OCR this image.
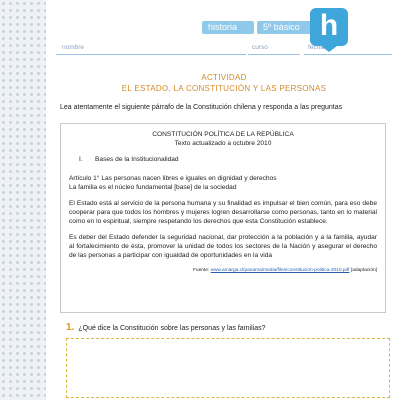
historia	5º básico h
nombre	curso	fecha
ACTIVIDAD
EL ESTADO, LA CONSTITUCIÓN Y LAS PERSONAS
Lea atentamente el siguiente párrafo de la Constitución chilena y responda a las preguntas
CONSTITUCIÓN POLÍTICA DE LA REPÚBLICA
Texto actualizado a octubre 2010
I. Bases de la Institucionalidad
Artículo 1° Las personas nacen libres e iguales en dignidad y derechos
La familia es el núcleo fundamental [base] de la sociedad
El Estado está al servicio de la persona humana y su finalidad es impulsar el bien común, para eso debe cooperar para que todos los hombres y mujeres logren desarrollarse como personas, tanto en lo material como en lo espiritual, siempre respetando los derechos que esta Constitución establece.
Es deber del Estado defender la seguridad nacional, dar protección a la población y a la familia, ayudar al fortalecimiento de ésta, promover la unidad de todos los sectores de la Nación y asegurar el derecho de las personas a participar con igualdad de oportunidades en la vida
Fuente: www.amarga.cl/panama/media/files/constitucion-politica-2010.pdf [adaptación]
1. ¿Qué dice la Constitución sobre las personas y las familias?
